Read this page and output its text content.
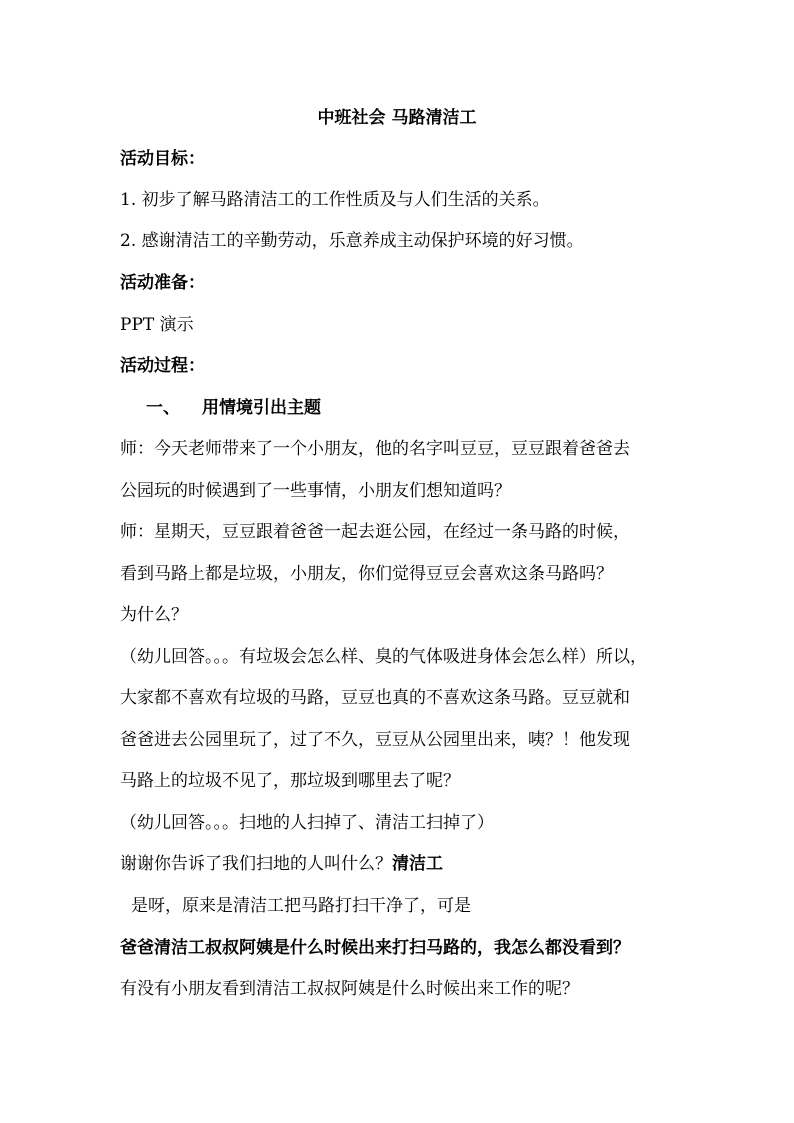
中班社会 马路清洁工
活动目标：
1. 初步了解马路清洁工的工作性质及与人们生活的关系。
2. 感谢清洁工的辛勤劳动，乐意养成主动保护环境的好习惯。
活动准备：
PPT 演示
活动过程：
一、 用情境引出主题
师：今天老师带来了一个小朋友，他的名字叫豆豆，豆豆跟着爸爸去
公园玩的时候遇到了一些事情，小朋友们想知道吗？
师：星期天，豆豆跟着爸爸一起去逛公园，在经过一条马路的时候，
看到马路上都是垃圾，小朋友，你们觉得豆豆会喜欢这条马路吗？
为什么？
（幼儿回答。。。有垃圾会怎么样、臭的气体吸进身体会怎么样）所以，
大家都不喜欢有垃圾的马路，豆豆也真的不喜欢这条马路。豆豆就和
爸爸进去公园里玩了，过了不久，豆豆从公园里出来，咦？！他发现
马路上的垃圾不见了，那垃圾到哪里去了呢？
（幼儿回答。。。扫地的人扫掉了、清洁工扫掉了）
谢谢你告诉了我们扫地的人叫什么？清洁工
是呀，原来是清洁工把马路打扫干净了，可是
爸爸清洁工叔叔阿姨是什么时候出来打扫马路的，我怎么都没看到？
有没有小朋友看到清洁工叔叔阿姨是什么时候出来工作的呢？
